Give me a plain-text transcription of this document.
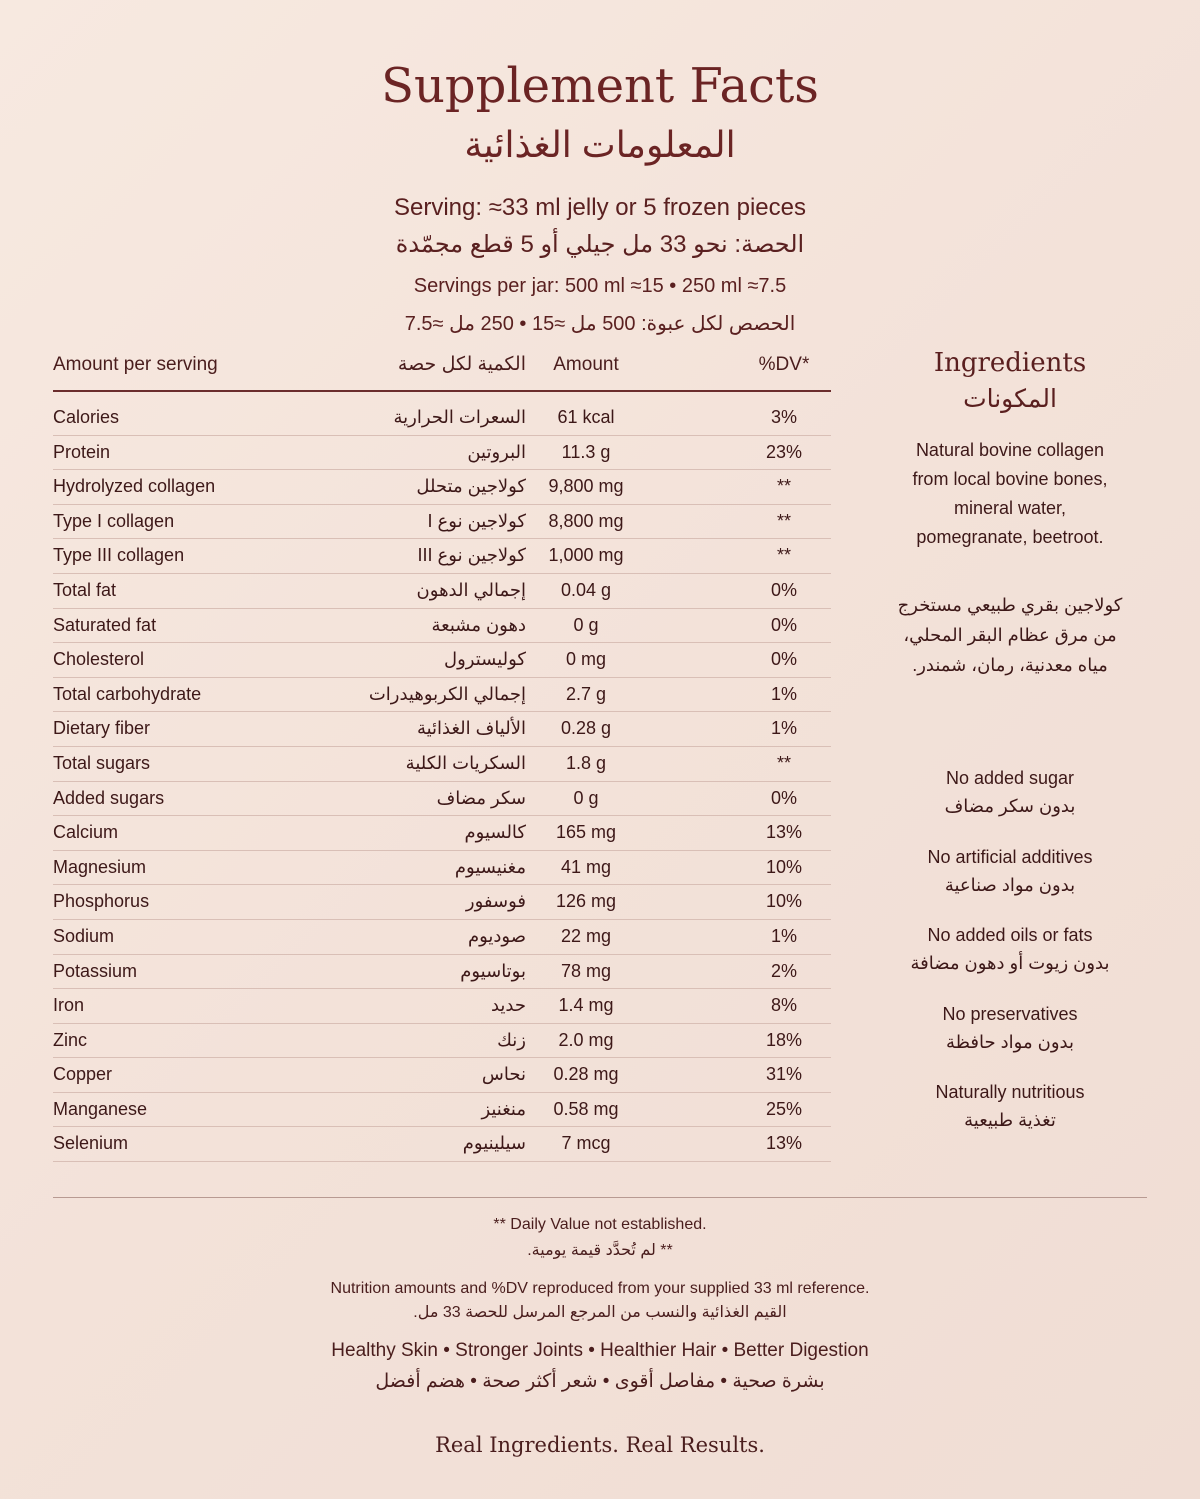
Supplement Facts
المعلومات الغذائية
Serving: ≈33 ml jelly or 5 frozen pieces
الحصة: نحو 33 مل جيلي أو 5 قطع مجمّدة
Servings per jar: 500 ml ≈15 • 250 ml ≈7.5
الحصص لكل عبوة: 500 مل ≈15 • 250 مل ≈7.5
Amount per serving	الكمية لكل حصة	Amount	%DV*
Calories	السعرات الحرارية	61 kcal	3%
Protein	البروتين	11.3 g	23%
Hydrolyzed collagen	كولاجين متحلل	9,800 mg	**
Type I collagen	كولاجين نوع I	8,800 mg	**
Type III collagen	كولاجين نوع III	1,000 mg	**
Total fat	إجمالي الدهون	0.04 g	0%
Saturated fat	دهون مشبعة	0 g	0%
Cholesterol	كوليسترول	0 mg	0%
Total carbohydrate	إجمالي الكربوهيدرات	2.7 g	1%
Dietary fiber	الألياف الغذائية	0.28 g	1%
Total sugars	السكريات الكلية	1.8 g	**
Added sugars	سكر مضاف	0 g	0%
Calcium	كالسيوم	165 mg	13%
Magnesium	مغنيسيوم	41 mg	10%
Phosphorus	فوسفور	126 mg	10%
Sodium	صوديوم	22 mg	1%
Potassium	بوتاسيوم	78 mg	2%
Iron	حديد	1.4 mg	8%
Zinc	زنك	2.0 mg	18%
Copper	نحاس	0.28 mg	31%
Manganese	منغنيز	0.58 mg	25%
Selenium	سيلينيوم	7 mcg	13%
Ingredients
المكونات
Natural bovine collagen
from local bovine bones,
mineral water,
pomegranate, beetroot.
كولاجين بقري طبيعي مستخرج
من مرق عظام البقر المحلي،
مياه معدنية، رمان، شمندر.
No added sugar
بدون سكر مضاف
No artificial additives
بدون مواد صناعية
No added oils or fats
بدون زيوت أو دهون مضافة
No preservatives
بدون مواد حافظة
Naturally nutritious
تغذية طبيعية
** Daily Value not established.
** لم تُحدَّد قيمة يومية.
Nutrition amounts and %DV reproduced from your supplied 33 ml reference.
القيم الغذائية والنسب من المرجع المرسل للحصة 33 مل.
Healthy Skin • Stronger Joints • Healthier Hair • Better Digestion
بشرة صحية • مفاصل أقوى • شعر أكثر صحة • هضم أفضل
Real Ingredients. Real Results.
